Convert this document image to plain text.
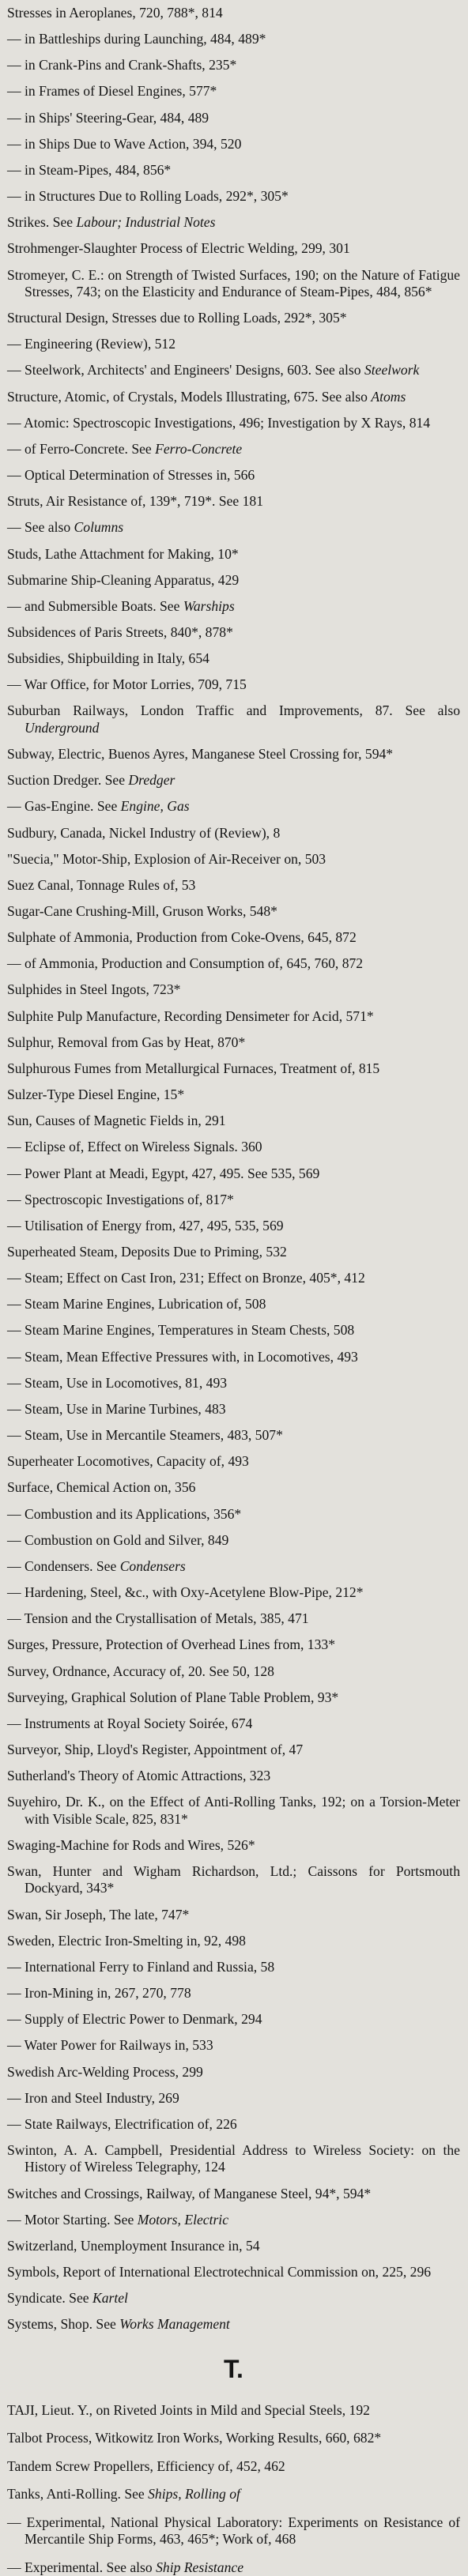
Stresses in Aeroplanes, 720, 788*, 814
— in Battleships during Launching, 484, 489*
— in Crank-Pins and Crank-Shafts, 235*
— in Frames of Diesel Engines, 577*
— in Ships' Steering-Gear, 484, 489
— in Ships Due to Wave Action, 394, 520
— in Steam-Pipes, 484, 856*
— in Structures Due to Rolling Loads, 292*, 305*
Strikes. See Labour; Industrial Notes
Strohmenger-Slaughter Process of Electric Welding, 299, 301
Stromeyer, C. E.: on Strength of Twisted Surfaces, 190; on the Nature of Fatigue Stresses, 743; on the Elasticity and Endurance of Steam-Pipes, 484, 856*
Structural Design, Stresses due to Rolling Loads, 292*, 305*
— Engineering (Review), 512
— Steelwork, Architects' and Engineers' Designs, 603. See also Steelwork
Structure, Atomic, of Crystals, Models Illustrating, 675. See also Atoms
— Atomic: Spectroscopic Investigations, 496; Investigation by X Rays, 814
— of Ferro-Concrete. See Ferro-Concrete
— Optical Determination of Stresses in, 566
Struts, Air Resistance of, 139*, 719*. See 181
— See also Columns
Studs, Lathe Attachment for Making, 10*
Submarine Ship-Cleaning Apparatus, 429
— and Submersible Boats. See Warships
Subsidences of Paris Streets, 840*, 878*
Subsidies, Shipbuilding in Italy, 654
— War Office, for Motor Lorries, 709, 715
Suburban Railways, London Traffic and Improvements, 87. See also Underground
Subway, Electric, Buenos Ayres, Manganese Steel Crossing for, 594*
Suction Dredger. See Dredger
— Gas-Engine. See Engine, Gas
Sudbury, Canada, Nickel Industry of (Review), 8
"Suecia," Motor-Ship, Explosion of Air-Receiver on, 503
Suez Canal, Tonnage Rules of, 53
Sugar-Cane Crushing-Mill, Gruson Works, 548*
Sulphate of Ammonia, Production from Coke-Ovens, 645, 872
— of Ammonia, Production and Consumption of, 645, 760, 872
Sulphides in Steel Ingots, 723*
Sulphite Pulp Manufacture, Recording Densimeter for Acid, 571*
Sulphur, Removal from Gas by Heat, 870*
Sulphurous Fumes from Metallurgical Furnaces, Treatment of, 815
Sulzer-Type Diesel Engine, 15*
Sun, Causes of Magnetic Fields in, 291
— Eclipse of, Effect on Wireless Signals. 360
— Power Plant at Meadi, Egypt, 427, 495. See 535, 569
— Spectroscopic Investigations of, 817*
— Utilisation of Energy from, 427, 495, 535, 569
Superheated Steam, Deposits Due to Priming, 532
— Steam; Effect on Cast Iron, 231; Effect on Bronze, 405*, 412
— Steam Marine Engines, Lubrication of, 508
— Steam Marine Engines, Temperatures in Steam Chests, 508
— Steam, Mean Effective Pressures with, in Locomotives, 493
— Steam, Use in Locomotives, 81, 493
— Steam, Use in Marine Turbines, 483
— Steam, Use in Mercantile Steamers, 483, 507*
Superheater Locomotives, Capacity of, 493
Surface, Chemical Action on, 356
— Combustion and its Applications, 356*
— Combustion on Gold and Silver, 849
— Condensers. See Condensers
— Hardening, Steel, &c., with Oxy-Acetylene Blow-Pipe, 212*
— Tension and the Crystallisation of Metals, 385, 471
Surges, Pressure, Protection of Overhead Lines from, 133*
Survey, Ordnance, Accuracy of, 20. See 50, 128
Surveying, Graphical Solution of Plane Table Problem, 93*
— Instruments at Royal Society Soirée, 674
Surveyor, Ship, Lloyd's Register, Appointment of, 47
Sutherland's Theory of Atomic Attractions, 323
Suyehiro, Dr. K., on the Effect of Anti-Rolling Tanks, 192; on a Torsion-Meter with Visible Scale, 825, 831*
Swaging-Machine for Rods and Wires, 526*
Swan, Hunter and Wigham Richardson, Ltd.; Caissons for Portsmouth Dockyard, 343*
Swan, Sir Joseph, The late, 747*
Sweden, Electric Iron-Smelting in, 92, 498
— International Ferry to Finland and Russia, 58
— Iron-Mining in, 267, 270, 778
— Supply of Electric Power to Denmark, 294
— Water Power for Railways in, 533
Swedish Arc-Welding Process, 299
— Iron and Steel Industry, 269
— State Railways, Electrification of, 226
Swinton, A. A. Campbell, Presidential Address to Wireless Society: on the History of Wireless Telegraphy, 124
Switches and Crossings, Railway, of Manganese Steel, 94*, 594*
— Motor Starting. See Motors, Electric
Switzerland, Unemployment Insurance in, 54
Symbols, Report of International Electrotechnical Commission on, 225, 296
Syndicate. See Kartel
Systems, Shop. See Works Management
T.
TAJI, Lieut. Y., on Riveted Joints in Mild and Special Steels, 192
Talbot Process, Witkowitz Iron Works, Working Results, 660, 682*
Tandem Screw Propellers, Efficiency of, 452, 462
Tanks, Anti-Rolling. See Ships, Rolling of
— Experimental, National Physical Laboratory: Experiments on Resistance of Mercantile Ship Forms, 463, 465*; Work of, 468
— Experimental. See also Ship Resistance
